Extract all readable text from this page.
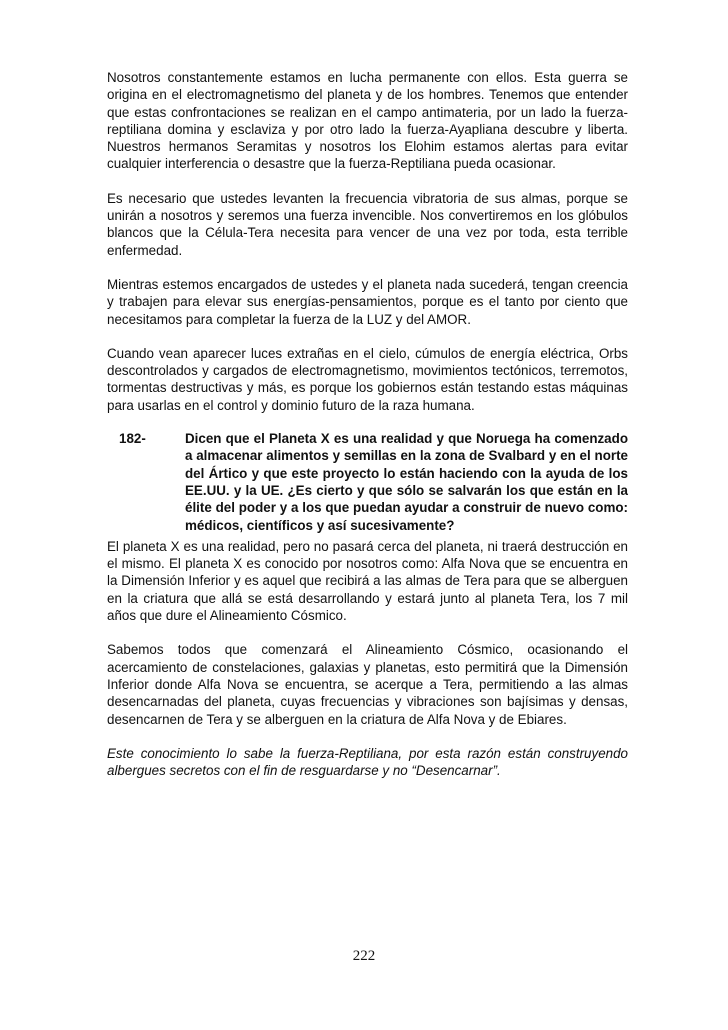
Nosotros constantemente estamos en lucha permanente con ellos. Esta guerra se origina en el electromagnetismo del planeta y de los hombres. Tenemos que entender que estas confrontaciones se realizan en el campo antimateria, por un lado la fuerza-reptiliana domina y esclaviza y por otro lado la fuerza-Ayapliana descubre y liberta. Nuestros hermanos Seramitas y nosotros los Elohim estamos alertas para evitar cualquier interferencia o desastre que la fuerza-Reptiliana pueda ocasionar.

Es necesario que ustedes levanten la frecuencia vibratoria de sus almas, porque se unirán a nosotros y seremos una fuerza invencible. Nos convertiremos en los glóbulos blancos que la Célula-Tera necesita para vencer de una vez por toda, esta terrible enfermedad.

Mientras estemos encargados de ustedes y el planeta nada sucederá, tengan creencia y trabajen para elevar sus energías-pensamientos, porque es el tanto por ciento que necesitamos para completar la fuerza de la LUZ y del AMOR.

Cuando vean aparecer luces extrañas en el cielo, cúmulos de energía eléctrica, Orbs descontrolados y cargados de electromagnetismo, movimientos tectónicos, terremotos, tormentas destructivas y más, es porque los gobiernos están testando estas máquinas para usarlas en el control y dominio futuro de la raza humana.

182-	Dicen que el Planeta X es una realidad y que Noruega ha comenzado a almacenar alimentos y semillas en la zona de Svalbard y en el norte del Ártico y que este proyecto lo están haciendo con la ayuda de los EE.UU. y la UE. ¿Es cierto y que sólo se salvarán los que están en la élite del poder y a los que puedan ayudar a construir de nuevo como: médicos, científicos y así sucesivamente?

El planeta X es una realidad, pero no pasará cerca del planeta, ni traerá destrucción en el mismo. El planeta X es conocido por nosotros como: Alfa Nova que se encuentra en la Dimensión Inferior y es aquel que recibirá a las almas de Tera para que se alberguen en la criatura que allá se está desarrollando y estará junto al planeta Tera, los 7 mil años que dure el Alineamiento Cósmico.

Sabemos todos que comenzará el Alineamiento Cósmico, ocasionando el acercamiento de constelaciones, galaxias y planetas, esto permitirá que la Dimensión Inferior donde Alfa Nova se encuentra, se acerque a Tera, permitiendo a las almas desencarnadas del planeta, cuyas frecuencias y vibraciones son bajísimas y densas, desencarnen de Tera y se alberguen en la criatura de Alfa Nova y de Ebiares.

Este conocimiento lo sabe la fuerza-Reptiliana, por esta razón están construyendo albergues secretos con el fin de resguardarse y no “Desencarnar”.

222
